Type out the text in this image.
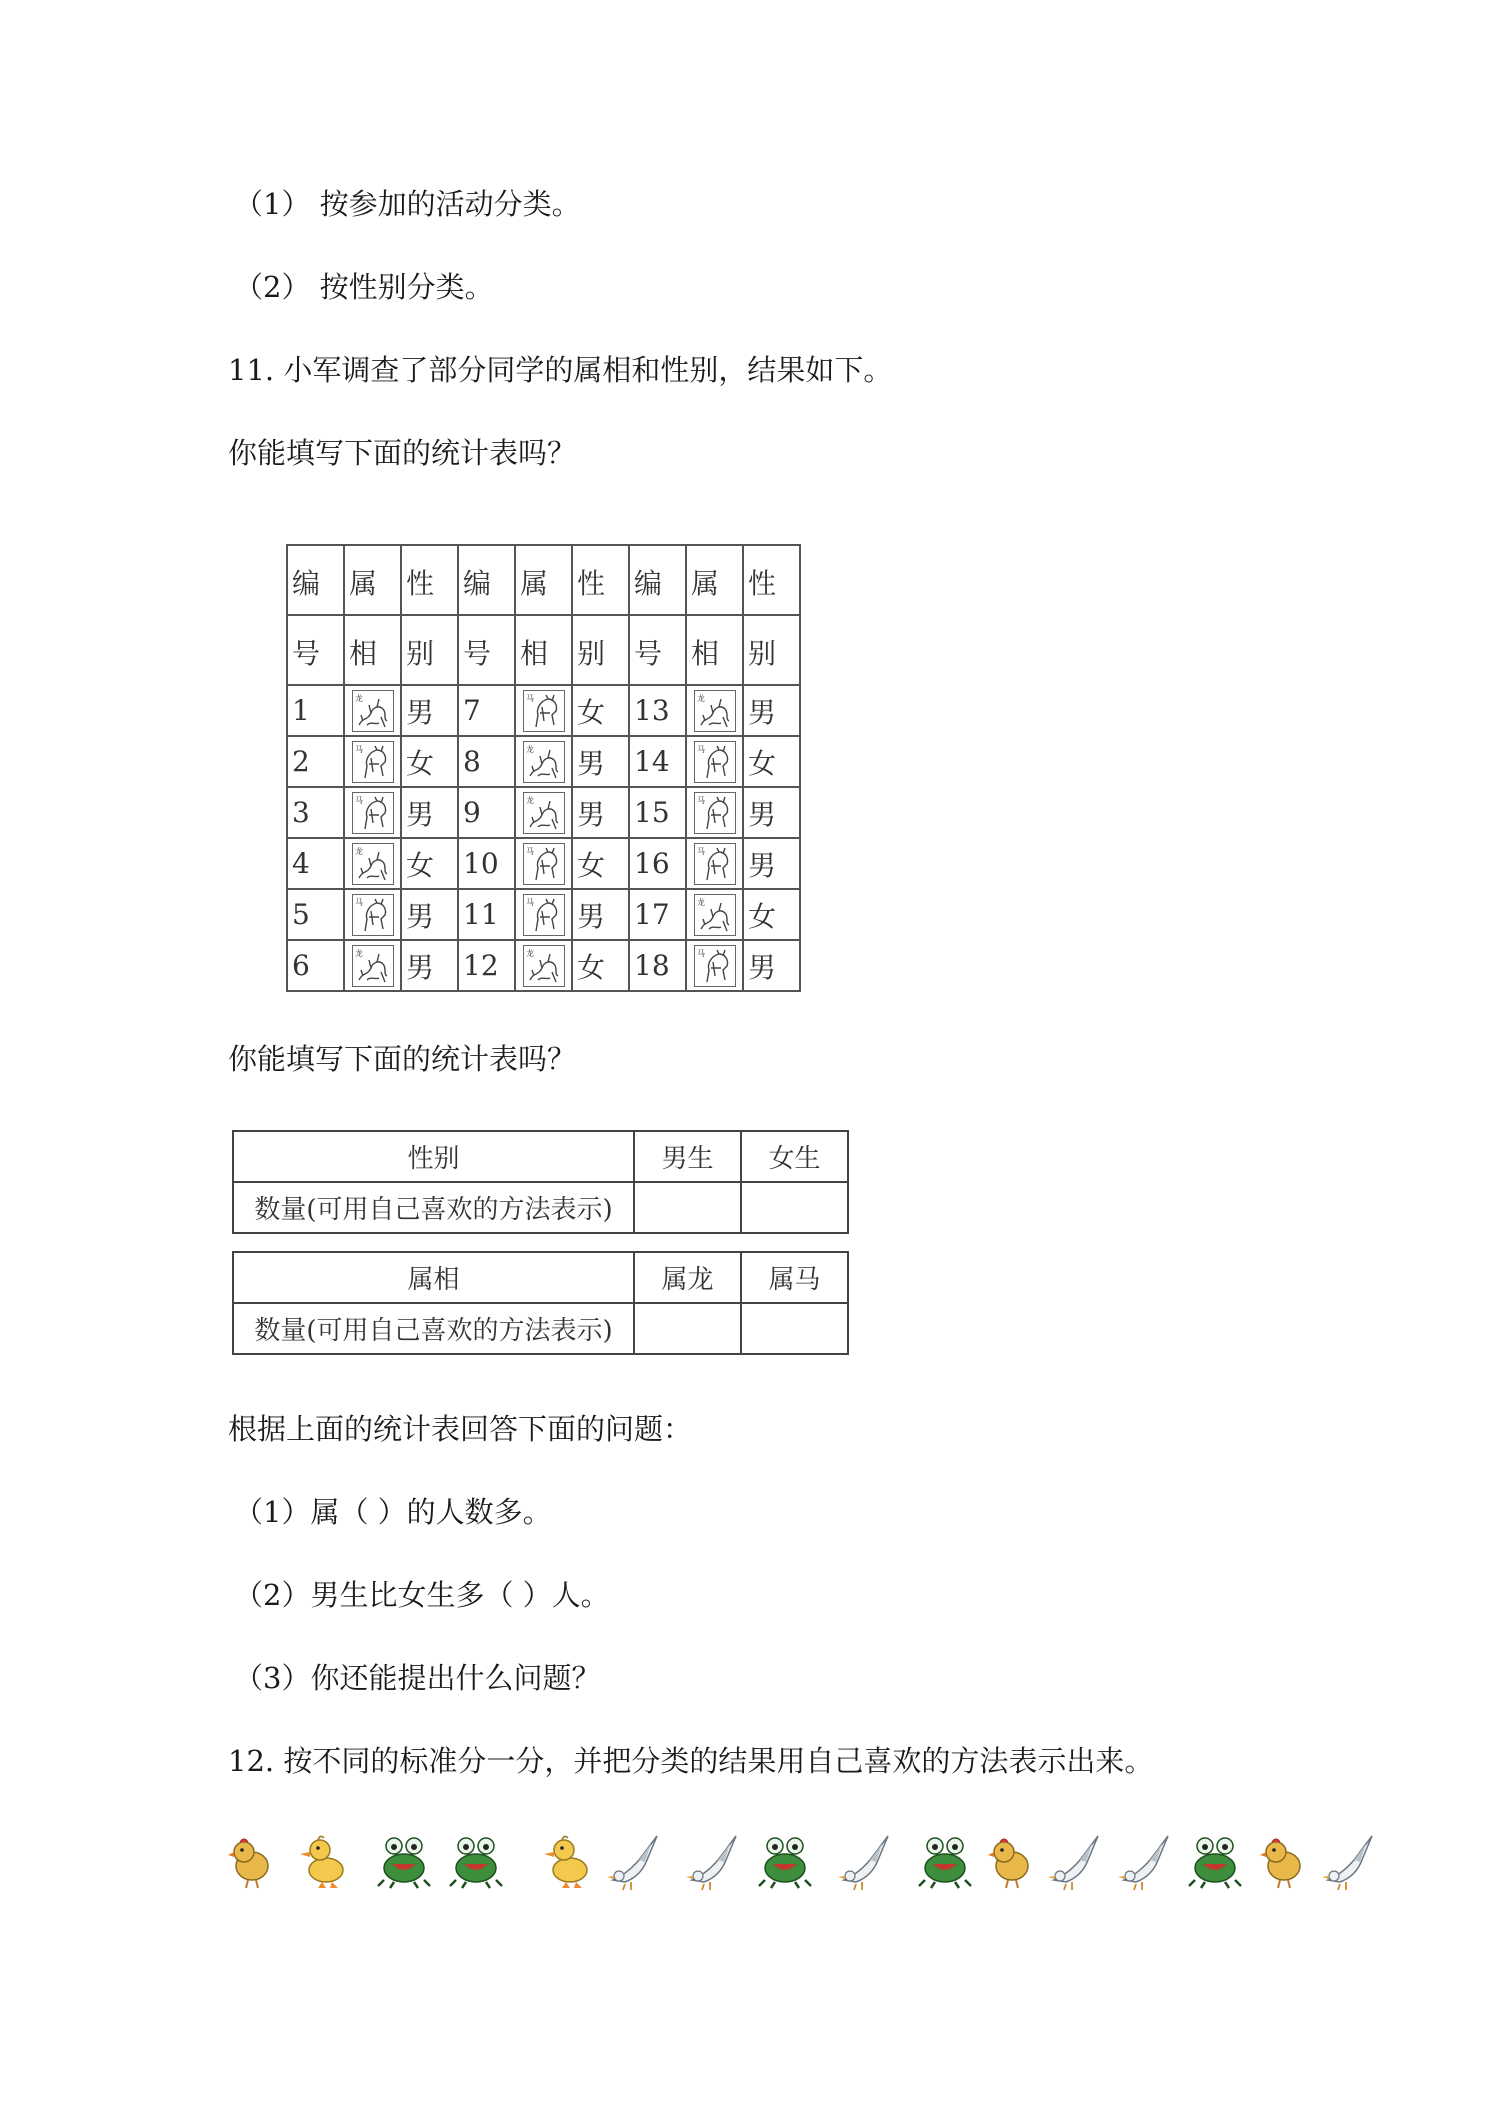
（1） 按参加的活动分类。
（2） 按性别分类。
11. 小军调查了部分同学的属相和性别，结果如下。
你能填写下面的统计表吗？
编	属	性	编	属	性	编	属	性
号	相	别	号	相	别	号	相	别
1	龙	男	7	马	女	13	龙	男
2	马	女	8	龙	男	14	马	女
3	马	男	9	龙	男	15	马	男
4	龙	女	10	马	女	16	马	男
5	马	男	11	马	男	17	龙	女
6	龙	男	12	龙	女	18	马	男
你能填写下面的统计表吗？
性别	男生	女生
数量(可用自己喜欢的方法表示)		
属相	属龙	属马
数量(可用自己喜欢的方法表示)		
根据上面的统计表回答下面的问题：
（1）属（ ）的人数多。
（2）男生比女生多（ ）人。
（3）你还能提出什么问题？
12. 按不同的标准分一分，并把分类的结果用自己喜欢的方法表示出来。
